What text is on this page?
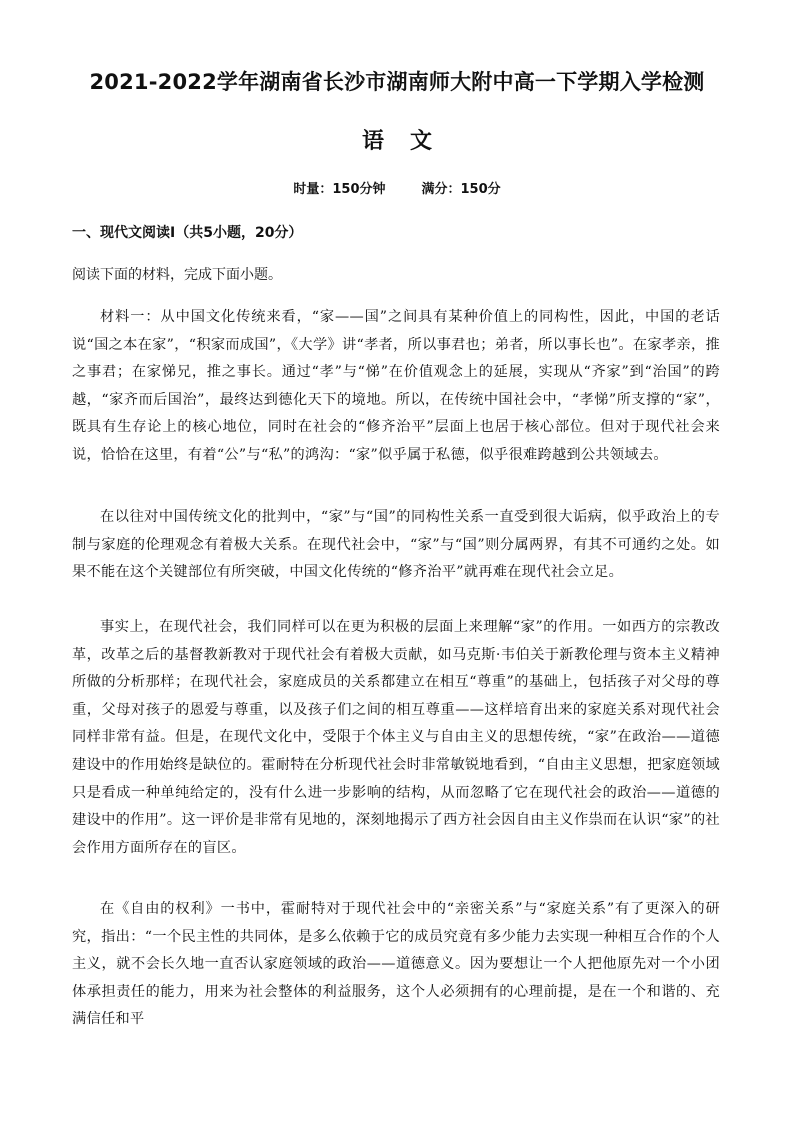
2021-2022学年湖南省长沙市湖南师大附中高一下学期入学检测
语文
时量：150分钟	满分：150分
一、现代文阅读Ⅰ（共5小题，20分）
阅读下面的材料，完成下面小题。

材料一：从中国文化传统来看，“家——国”之间具有某种价值上的同构性，因此，中国的老话说“国之本在家”，“积家而成国”，《大学》讲“孝者，所以事君也；弟者，所以事长也”。在家孝亲，推之事君；在家悌兄，推之事长。通过“孝”与“悌”在价值观念上的延展，实现从“齐家”到“治国”的跨越，“家齐而后国治”，最终达到德化天下的境地。所以，在传统中国社会中，“孝悌”所支撑的“家”，既具有生存论上的核心地位，同时在社会的“修齐治平”层面上也居于核心部位。但对于现代社会来说，恰恰在这里，有着“公”与“私”的鸿沟：“家”似乎属于私德，似乎很难跨越到公共领域去。

在以往对中国传统文化的批判中，“家”与“国”的同构性关系一直受到很大诟病，似乎政治上的专制与家庭的伦理观念有着极大关系。在现代社会中，“家”与“国”则分属两界，有其不可通约之处。如果不能在这个关键部位有所突破，中国文化传统的“修齐治平”就再难在现代社会立足。

事实上，在现代社会，我们同样可以在更为积极的层面上来理解“家”的作用。一如西方的宗教改革，改革之后的基督教新教对于现代社会有着极大贡献，如马克斯·韦伯关于新教伦理与资本主义精神所做的分析那样；在现代社会，家庭成员的关系都建立在相互“尊重”的基础上，包括孩子对父母的尊重，父母对孩子的恩爱与尊重，以及孩子们之间的相互尊重——这样培育出来的家庭关系对现代社会同样非常有益。但是，在现代文化中，受限于个体主义与自由主义的思想传统，“家”在政治——道德建设中的作用始终是缺位的。霍耐特在分析现代社会时非常敏锐地看到，“自由主义思想，把家庭领域只是看成一种单纯给定的，没有什么进一步影响的结构，从而忽略了它在现代社会的政治——道德的建设中的作用”。这一评价是非常有见地的，深刻地揭示了西方社会因自由主义作祟而在认识“家”的社会作用方面所存在的盲区。

在《自由的权利》一书中，霍耐特对于现代社会中的“亲密关系”与“家庭关系”有了更深入的研究，指出：“一个民主性的共同体，是多么依赖于它的成员究竟有多少能力去实现一种相互合作的个人主义，就不会长久地一直否认家庭领域的政治——道德意义。因为要想让一个人把他原先对一个小团体承担责任的能力，用来为社会整体的利益服务，这个人必须拥有的心理前提，是在一个和谐的、充满信任和平
